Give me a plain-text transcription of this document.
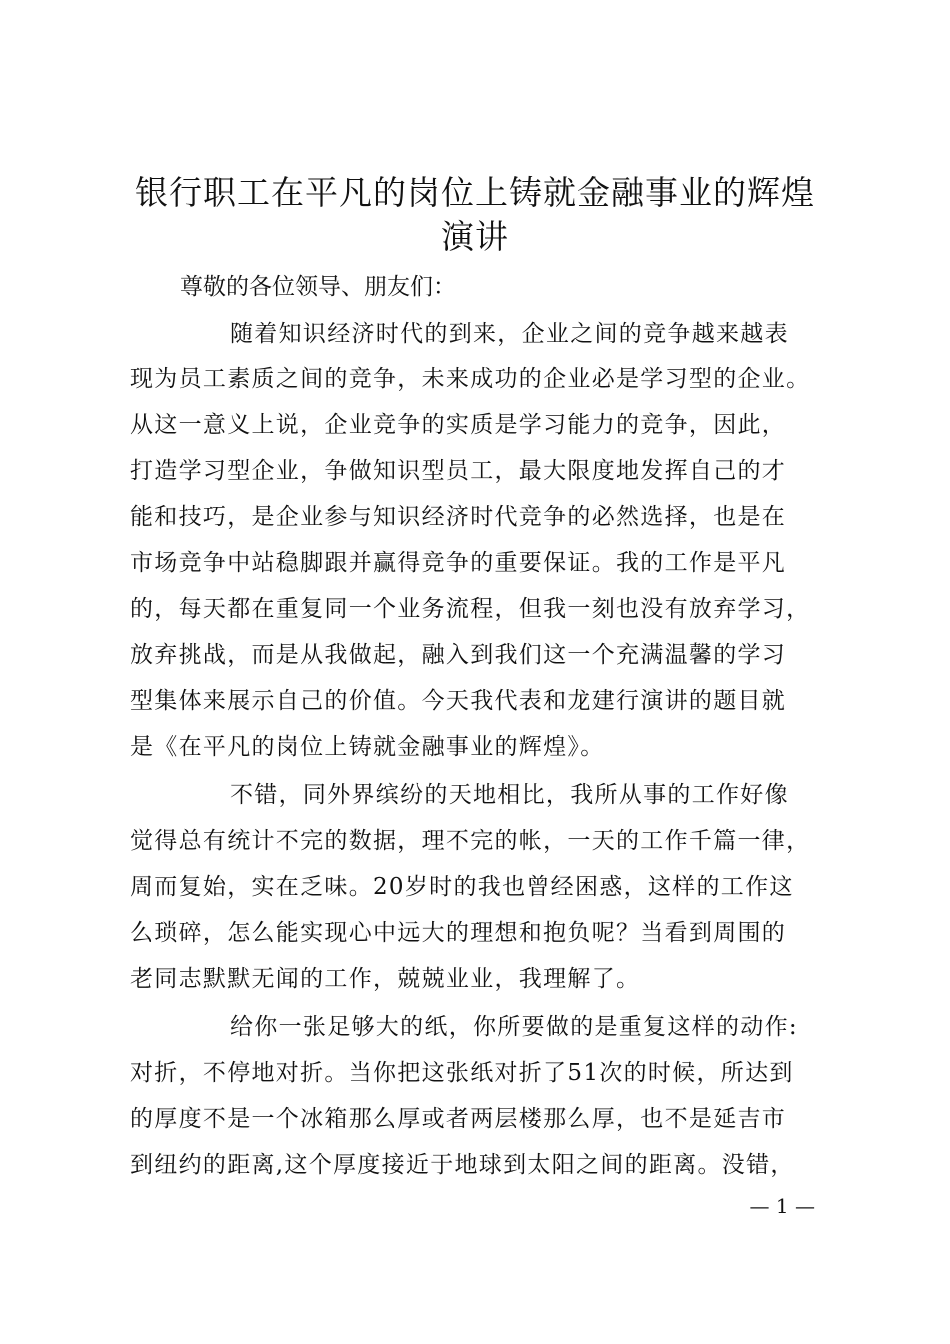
银行职工在平凡的岗位上铸就金融事业的辉煌
演讲
尊敬的各位领导、朋友们：
随着知识经济时代的到来，企业之间的竞争越来越表
现为员工素质之间的竞争，未来成功的企业必是学习型的企业。
从这一意义上说，企业竞争的实质是学习能力的竞争，因此，
打造学习型企业，争做知识型员工，最大限度地发挥自己的才
能和技巧，是企业参与知识经济时代竞争的必然选择，也是在
市场竞争中站稳脚跟并赢得竞争的重要保证。我的工作是平凡
的，每天都在重复同一个业务流程，但我一刻也没有放弃学习，
放弃挑战，而是从我做起，融入到我们这一个充满温馨的学习
型集体来展示自己的价值。今天我代表和龙建行演讲的题目就
是《在平凡的岗位上铸就金融事业的辉煌》。
不错，同外界缤纷的天地相比，我所从事的工作好像
觉得总有统计不完的数据，理不完的帐，一天的工作千篇一律，
周而复始，实在乏味。20岁时的我也曾经困惑，这样的工作这
么琐碎，怎么能实现心中远大的理想和抱负呢？当看到周围的
老同志默默无闻的工作，兢兢业业，我理解了。
给你一张足够大的纸，你所要做的是重复这样的动作:
对折，不停地对折。当你把这张纸对折了51次的时候，所达到
的厚度不是一个冰箱那么厚或者两层楼那么厚，也不是延吉市
到纽约的距离,这个厚度接近于地球到太阳之间的距离。没错，
— 1 —
